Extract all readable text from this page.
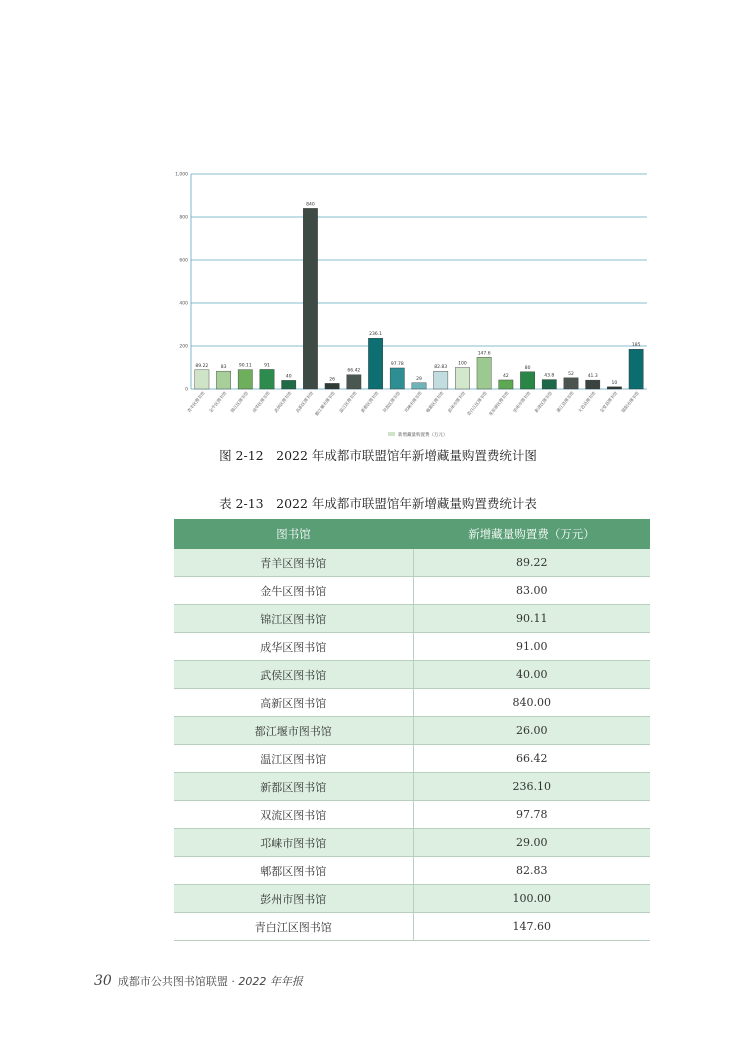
0
200
400
600
800
1,000
89.22
青羊区图书馆
83
金牛区图书馆
90.11
锦江区图书馆
91
成华区图书馆
40
武侯区图书馆
840
高新区图书馆
26
都江堰市图书馆
66.42
温江区图书馆
236.1
新都区图书馆
97.78
双流区图书馆
29
邛崃市图书馆
82.83
郫都区图书馆
100
彭州市图书馆
147.6
青白江区图书馆
42
龙泉驿区图书馆
80
崇州市图书馆
43.8
新津区图书馆
52
蒲江县图书馆
41.3
大邑县图书馆
10
金堂县图书馆
185
简阳市图书馆
新增藏量购置费（万元）
图 2-12　2022 年成都市联盟馆年新增藏量购置费统计图
表 2-13　2022 年成都市联盟馆年新增藏量购置费统计表
图书馆	新增藏量购置费（万元）
青羊区图书馆	89.22
金牛区图书馆	83.00
锦江区图书馆	90.11
成华区图书馆	91.00
武侯区图书馆	40.00
高新区图书馆	840.00
都江堰市图书馆	26.00
温江区图书馆	66.42
新都区图书馆	236.10
双流区图书馆	97.78
邛崃市图书馆	29.00
郫都区图书馆	82.83
彭州市图书馆	100.00
青白江区图书馆	147.60
30 成都市公共图书馆联盟 · 2022 年年报
